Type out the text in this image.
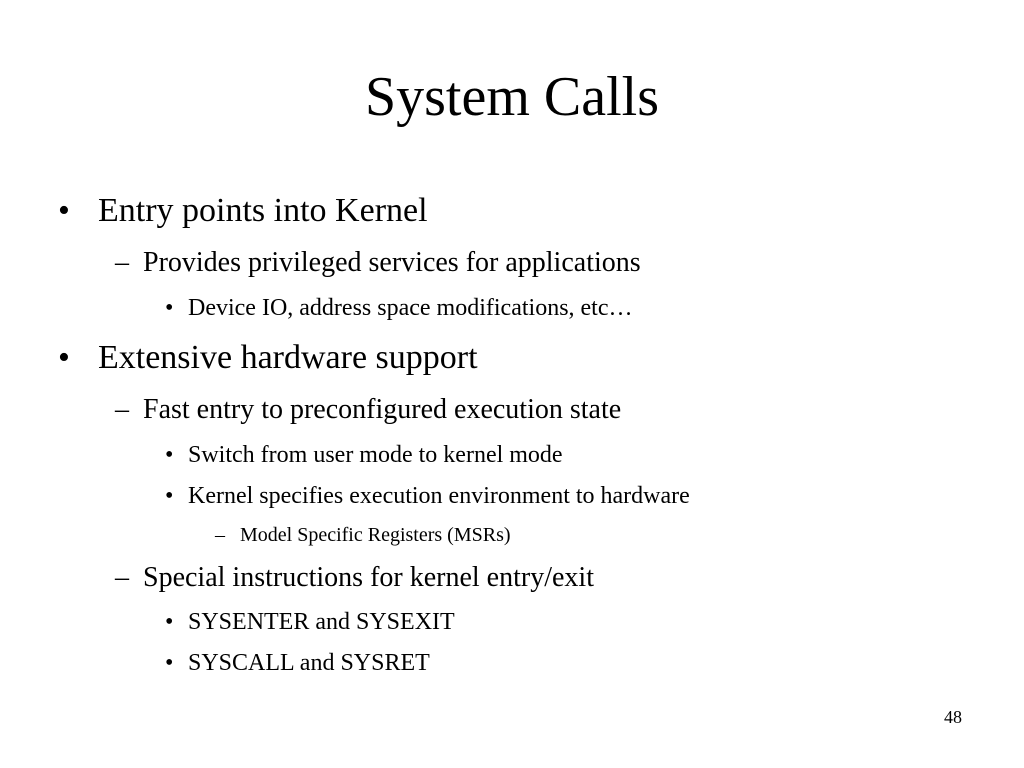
System Calls
• Entry points into Kernel
– Provides privileged services for applications
• Device IO, address space modifications, etc…
• Extensive hardware support
– Fast entry to preconfigured execution state
• Switch from user mode to kernel mode
• Kernel specifies execution environment to hardware
– Model Specific Registers (MSRs)
– Special instructions for kernel entry/exit
• SYSENTER and SYSEXIT
• SYSCALL and SYSRET
48
